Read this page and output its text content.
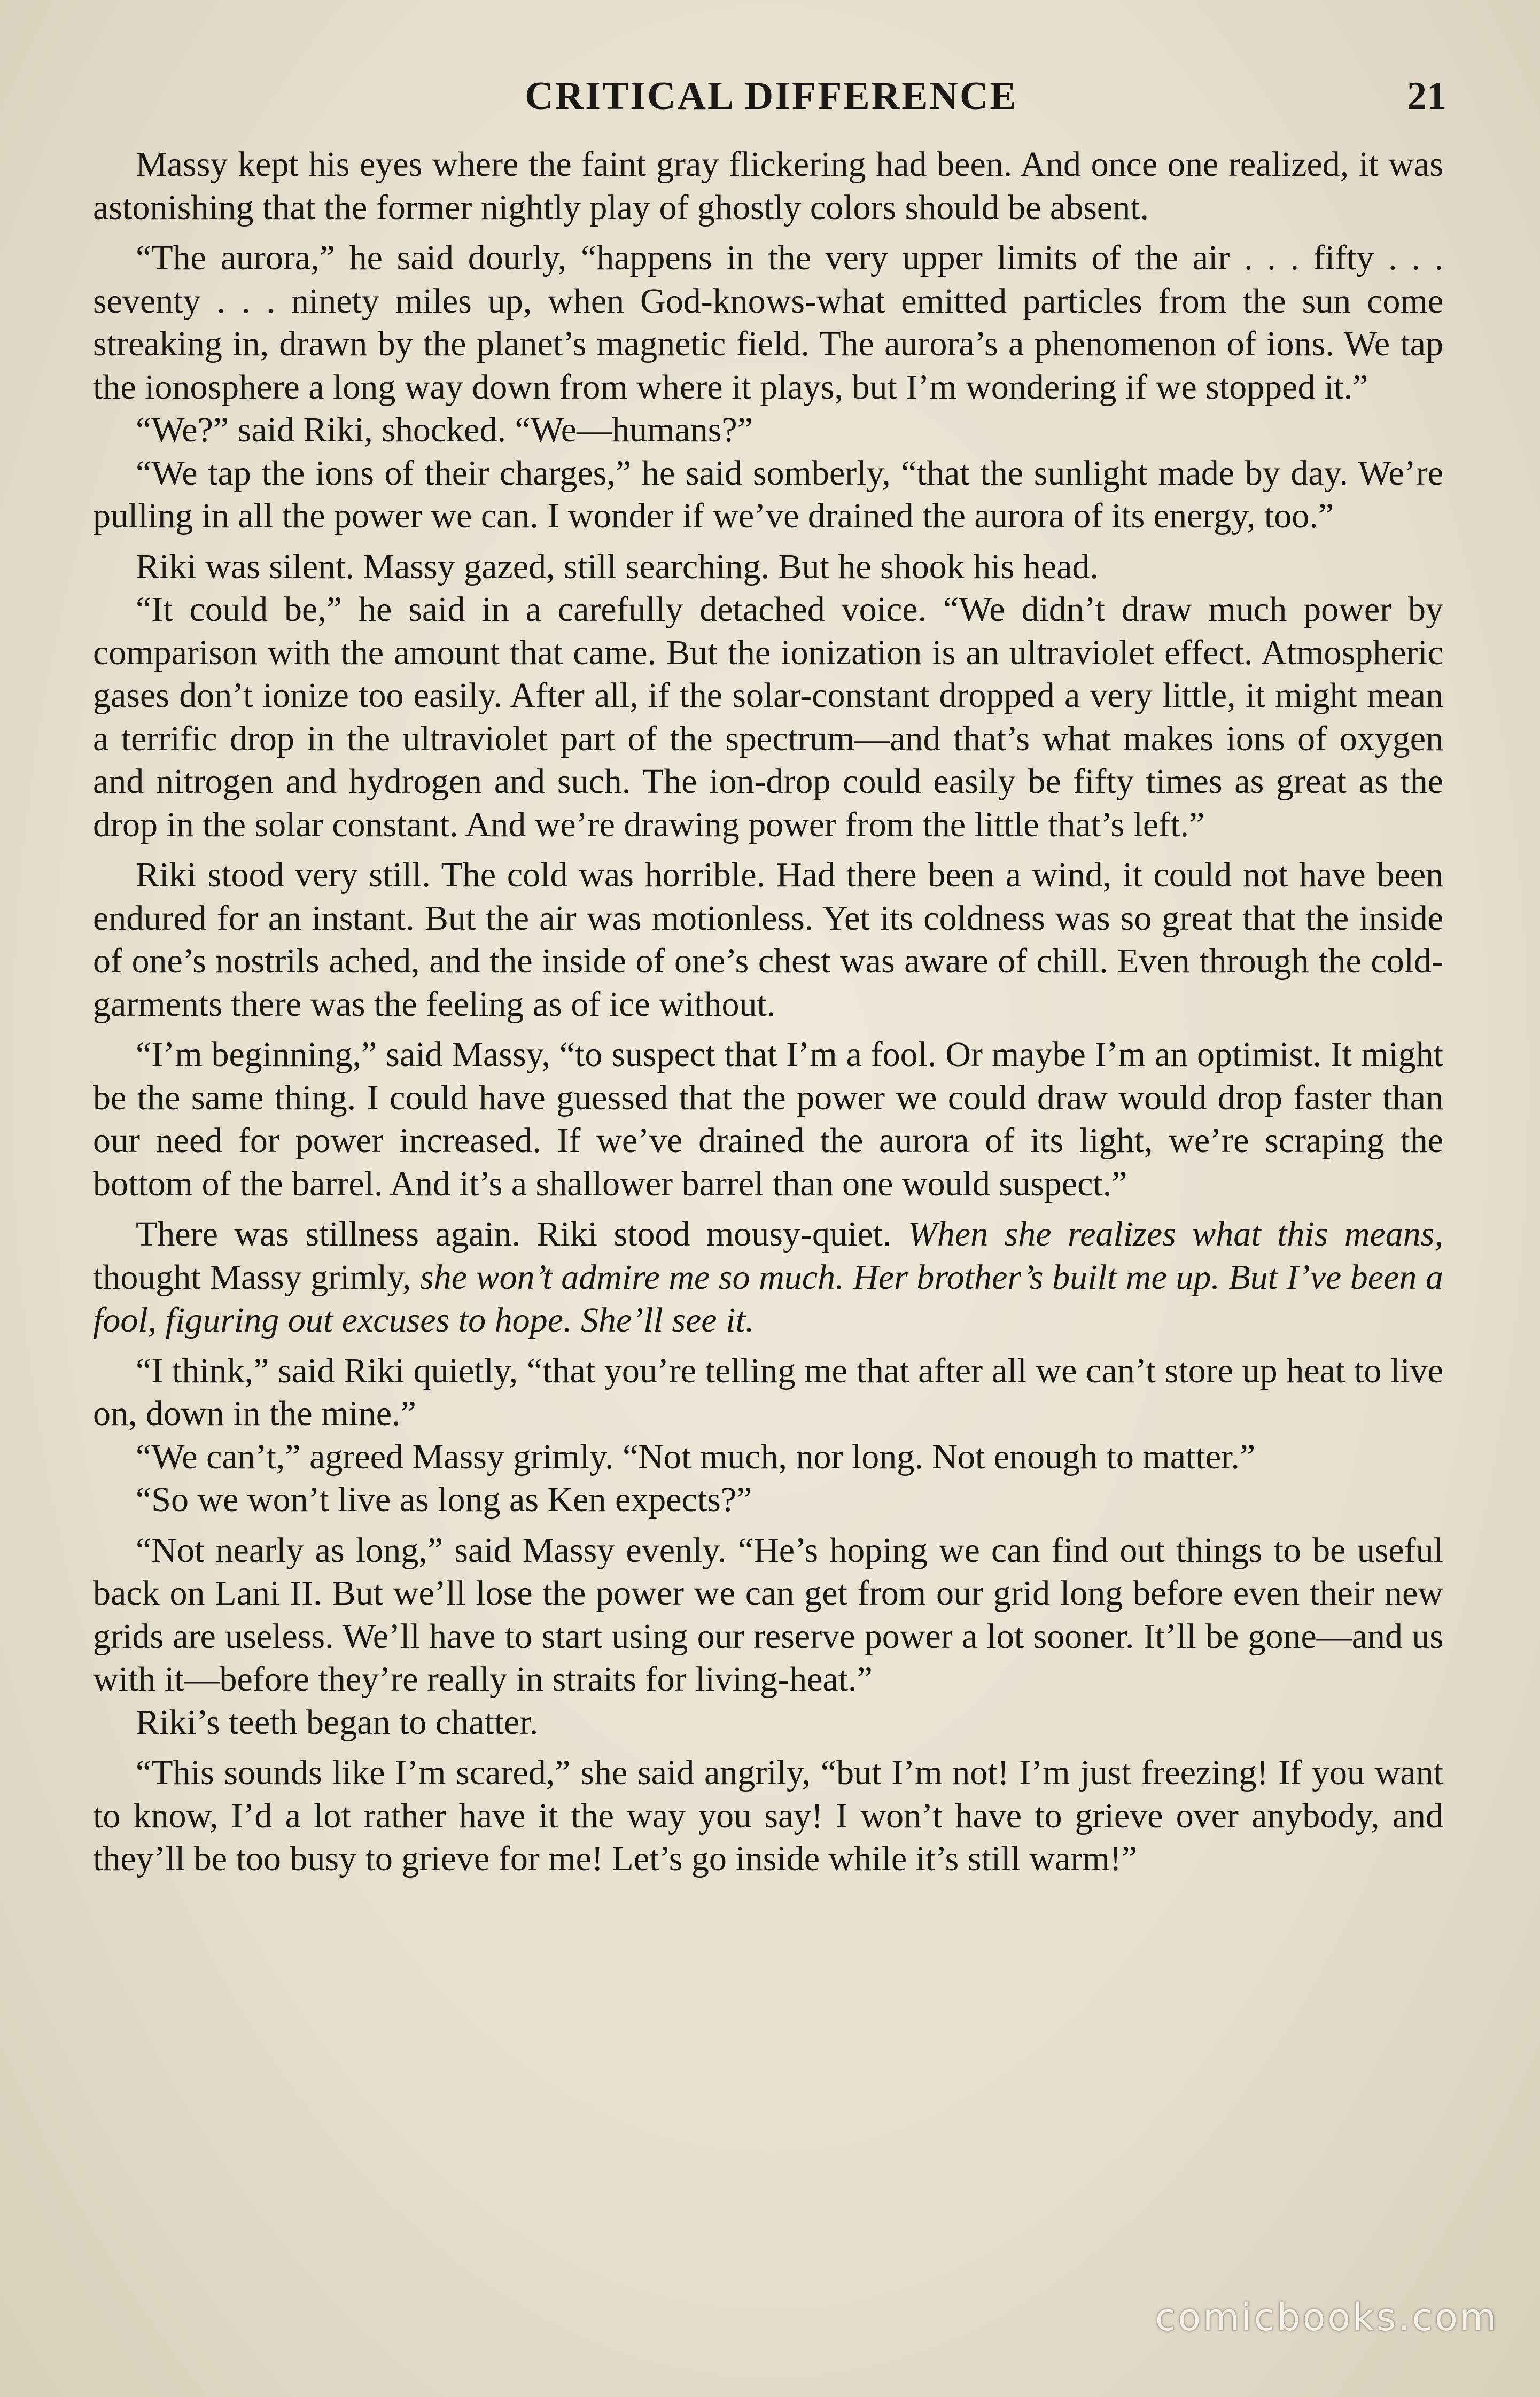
CRITICAL DIFFERENCE	21

Massy kept his eyes where the faint gray flickering had been. And once one realized, it was astonishing that the former nightly play of ghostly colors should be absent.

“The aurora,” he said dourly, “happens in the very upper limits of the air . . . fifty . . . seventy . . . ninety miles up, when God-knows-what emitted particles from the sun come streaking in, drawn by the planet’s magnetic field. The aurora’s a phenomenon of ions. We tap the ionosphere a long way down from where it plays, but I’m wondering if we stopped it.”

“We?” said Riki, shocked. “We—humans?”

“We tap the ions of their charges,” he said somberly, “that the sunlight made by day. We’re pulling in all the power we can. I wonder if we’ve drained the aurora of its energy, too.”

Riki was silent. Massy gazed, still searching. But he shook his head.

“It could be,” he said in a carefully detached voice. “We didn’t draw much power by comparison with the amount that came. But the ionization is an ultraviolet effect. Atmospheric gases don’t ionize too easily. After all, if the solar-constant dropped a very little, it might mean a terrific drop in the ultraviolet part of the spectrum—and that’s what makes ions of oxygen and nitrogen and hydrogen and such. The ion-drop could easily be fifty times as great as the drop in the solar constant. And we’re drawing power from the little that’s left.”

Riki stood very still. The cold was horrible. Had there been a wind, it could not have been endured for an instant. But the air was motionless. Yet its coldness was so great that the inside of one’s nostrils ached, and the inside of one’s chest was aware of chill. Even through the cold-garments there was the feeling as of ice without.

“I’m beginning,” said Massy, “to suspect that I’m a fool. Or maybe I’m an optimist. It might be the same thing. I could have guessed that the power we could draw would drop faster than our need for power increased. If we’ve drained the aurora of its light, we’re scraping the bottom of the barrel. And it’s a shallower barrel than one would suspect.”

There was stillness again. Riki stood mousy-quiet. When she realizes what this means, thought Massy grimly, she won’t admire me so much. Her brother’s built me up. But I’ve been a fool, figuring out excuses to hope. She’ll see it.

“I think,” said Riki quietly, “that you’re telling me that after all we can’t store up heat to live on, down in the mine.”

“We can’t,” agreed Massy grimly. “Not much, nor long. Not enough to matter.”

“So we won’t live as long as Ken expects?”

“Not nearly as long,” said Massy evenly. “He’s hoping we can find out things to be useful back on Lani II. But we’ll lose the power we can get from our grid long before even their new grids are useless. We’ll have to start using our reserve power a lot sooner. It’ll be gone—and us with it—before they’re really in straits for living-heat.”

Riki’s teeth began to chatter.

“This sounds like I’m scared,” she said angrily, “but I’m not! I’m just freezing! If you want to know, I’d a lot rather have it the way you say! I won’t have to grieve over anybody, and they’ll be too busy to grieve for me! Let’s go inside while it’s still warm!”

comicbooks.com
